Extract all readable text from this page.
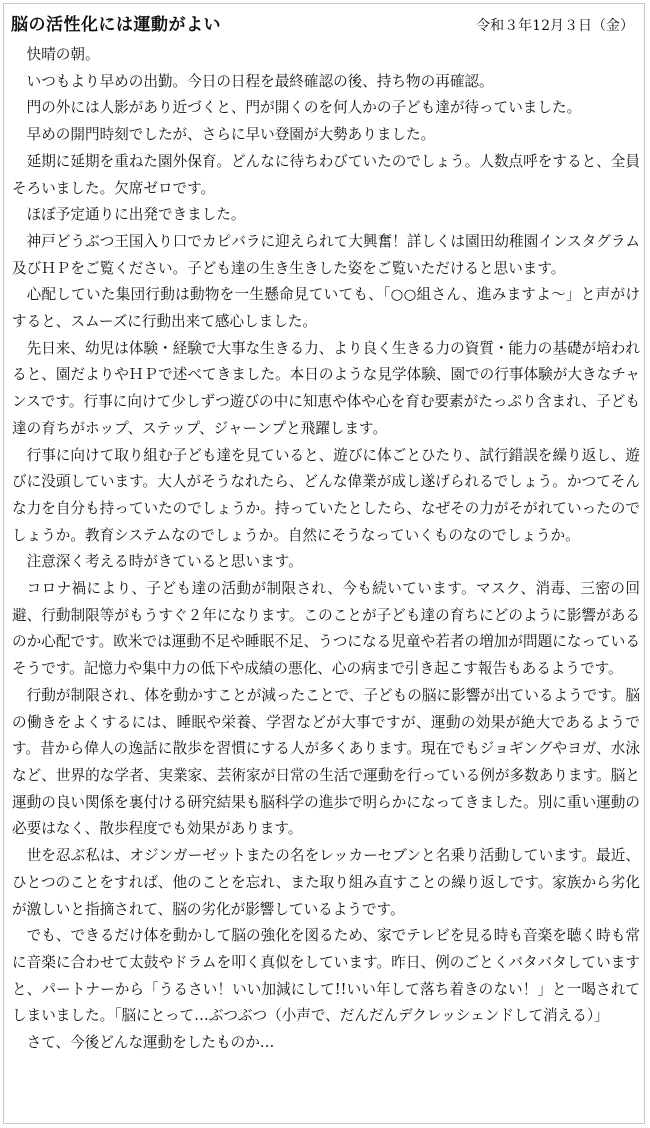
脳の活性化には運動がよい	令和３年12月３日（金）

快晴の朝。

いつもより早めの出勤。今日の日程を最終確認の後、持ち物の再確認。

門の外には人影があり近づくと、門が開くのを何人かの子ども達が待っていました。

早めの開門時刻でしたが、さらに早い登園が大勢ありました。

延期に延期を重ねた園外保育。どんなに待ちわびていたのでしょう。人数点呼をすると、全員そろいました。欠席ゼロです。

ほぼ予定通りに出発できました。

神戸どうぶつ王国入り口でカピバラに迎えられて大興奮！詳しくは園田幼稚園インスタグラム及びＨＰをご覧ください。子ども達の生き生きした姿をご覧いただけると思います。

心配していた集団行動は動物を一生懸命見ていても、「○○組さん、進みますよ～」と声がけすると、スムーズに行動出来て感心しました。

先日来、幼児は体験・経験で大事な生きる力、より良く生きる力の資質・能力の基礎が培われると、園だよりやＨＰで述べてきました。本日のような見学体験、園での行事体験が大きなチャンスです。行事に向けて少しずつ遊びの中に知恵や体や心を育む要素がたっぷり含まれ、子ども達の育ちがホップ、ステップ、ジャーンプと飛躍します。

行事に向けて取り組む子ども達を見ていると、遊びに体ごとひたり、試行錯誤を繰り返し、遊びに没頭しています。大人がそうなれたら、どんな偉業が成し遂げられるでしょう。かつてそんな力を自分も持っていたのでしょうか。持っていたとしたら、なぜその力がそがれていったのでしょうか。教育システムなのでしょうか。自然にそうなっていくものなのでしょうか。

注意深く考える時がきていると思います。

コロナ禍により、子ども達の活動が制限され、今も続いています。マスク、消毒、三密の回避、行動制限等がもうすぐ２年になります。このことが子ども達の育ちにどのように影響があるのか心配です。欧米では運動不足や睡眠不足、うつになる児童や若者の増加が問題になっているそうです。記憶力や集中力の低下や成績の悪化、心の病まで引き起こす報告もあるようです。

行動が制限され、体を動かすことが減ったことで、子どもの脳に影響が出ているようです。脳の働きをよくするには、睡眠や栄養、学習などが大事ですが、運動の効果が絶大であるようです。昔から偉人の逸話に散歩を習慣にする人が多くあります。現在でもジョギングやヨガ、水泳など、世界的な学者、実業家、芸術家が日常の生活で運動を行っている例が多数あります。脳と運動の良い関係を裏付ける研究結果も脳科学の進歩で明らかになってきました。別に重い運動の必要はなく、散歩程度でも効果があります。

世を忍ぶ私は、オジンガーゼットまたの名をレッカーセブンと名乗り活動しています。最近、ひとつのことをすれば、他のことを忘れ、また取り組み直すことの繰り返しです。家族から劣化が激しいと指摘されて、脳の劣化が影響しているようです。

でも、できるだけ体を動かして脳の強化を図るため、家でテレビを見る時も音楽を聴く時も常に音楽に合わせて太鼓やドラムを叩く真似をしています。昨日、例のごとくバタバタしていますと、パートナーから「うるさい！いい加減にして!!いい年して落ち着きのない！」と一喝されてしまいました。「脳にとって…ぶつぶつ（小声で、だんだんデクレッシェンドして消える）」

さて、今後どんな運動をしたものか…
